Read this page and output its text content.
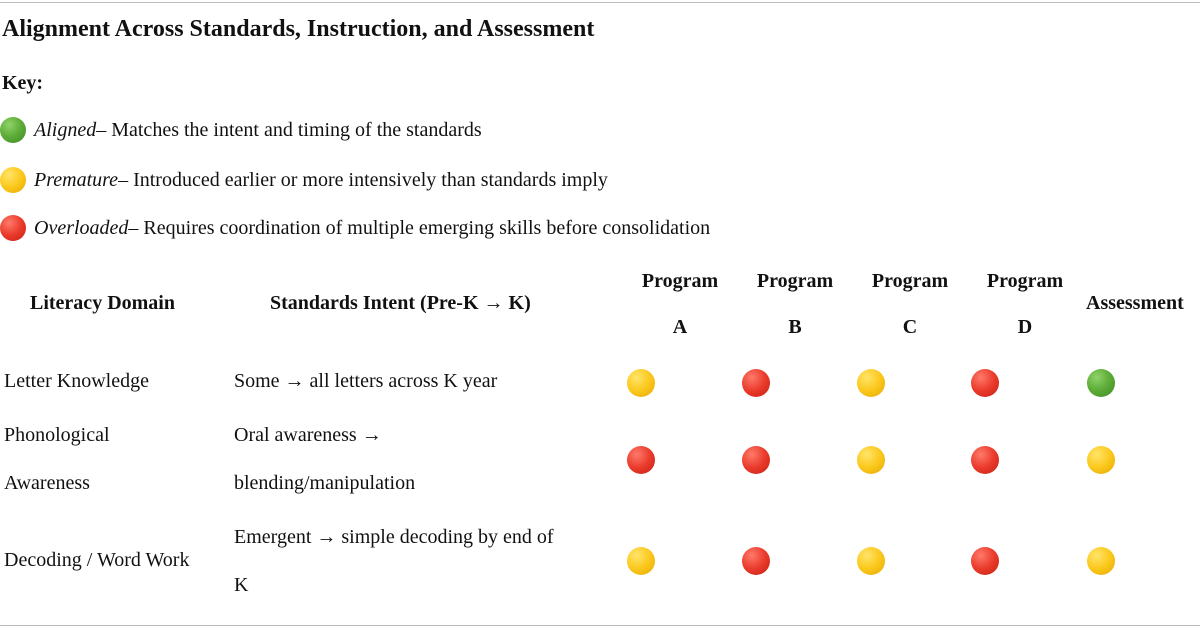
Alignment Across Standards, Instruction, and Assessment
Key:
Aligned – Matches the intent and timing of the standards
Premature – Introduced earlier or more intensively than standards imply
Overloaded – Requires coordination of multiple emerging skills before consolidation
Literacy Domain	Standards Intent (Pre-K → K)
Program
A
Program
B
Program
C
Program
D
Assessment
Letter Knowledge	Some → all letters across K year
Phonological
Awareness
Oral awareness →
blending/manipulation
Decoding / Word Work
Emergent → simple decoding by end of
K
